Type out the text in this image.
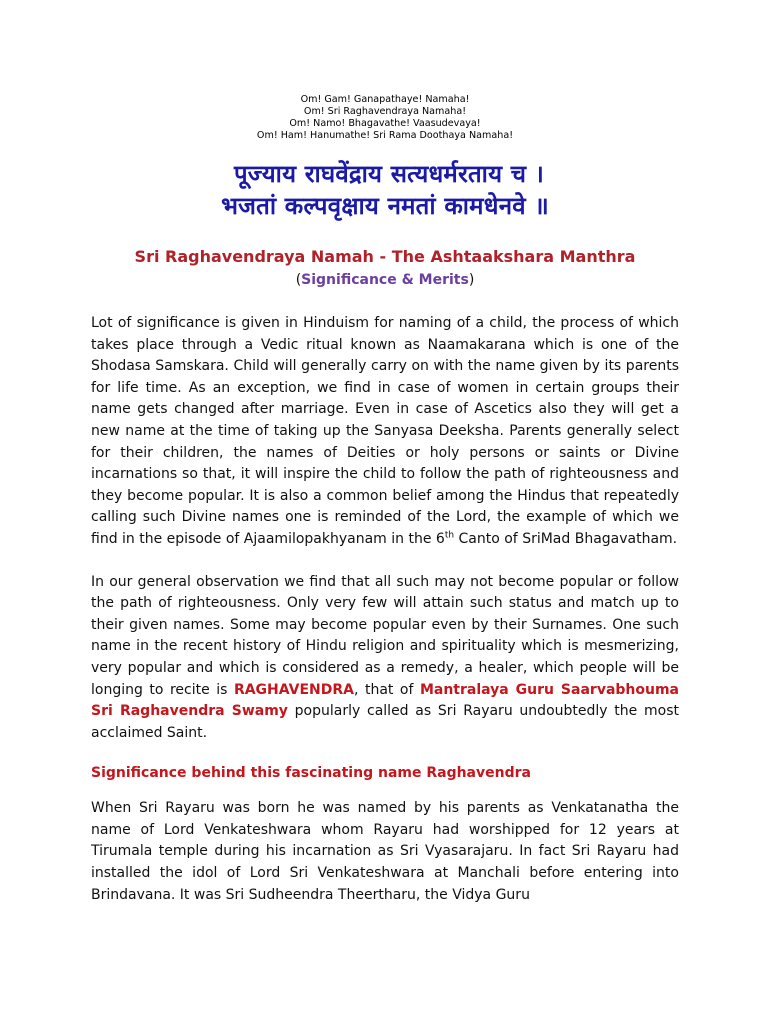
Om! Gam! Ganapathaye! Namaha!
Om! Sri Raghavendraya Namaha!
Om! Namo! Bhagavathe! Vaasudevaya!
Om! Ham! Hanumathe! Sri Rama Doothaya Namaha!
पूज्याय राघवेंद्राय सत्यधर्मरताय च ।
भजतां कल्पवृक्षाय नमतां कामधेनवे ॥
Sri Raghavendraya Namah - The Ashtaakshara Manthra
(Significance & Merits)

Lot of significance is given in Hinduism for naming of a child, the process of which takes place through a Vedic ritual known as Naamakarana which is one of the Shodasa Samskara. Child will generally carry on with the name given by its parents for life time. As an exception, we find in case of women in certain groups their name gets changed after marriage. Even in case of Ascetics also they will get a new name at the time of taking up the Sanyasa Deeksha. Parents generally select for their children, the names of Deities or holy persons or saints or Divine incarnations so that, it will inspire the child to follow the path of righteousness and they become popular. It is also a common belief among the Hindus that repeatedly calling such Divine names one is reminded of the Lord, the example of which we find in the episode of Ajaamilopakhyanam in the 6th Canto of SriMad Bhagavatham.

In our general observation we find that all such may not become popular or follow the path of righteousness. Only very few will attain such status and match up to their given names. Some may become popular even by their Surnames. One such name in the recent history of Hindu religion and spirituality which is mesmerizing, very popular and which is considered as a remedy, a healer, which people will be longing to recite is RAGHAVENDRA, that of Mantralaya Guru Saarvabhouma Sri Raghavendra Swamy popularly called as Sri Rayaru undoubtedly the most acclaimed Saint.

Significance behind this fascinating name Raghavendra

When Sri Rayaru was born he was named by his parents as Venkatanatha the name of Lord Venkateshwara whom Rayaru had worshipped for 12 years at Tirumala temple during his incarnation as Sri Vyasarajaru. In fact Sri Rayaru had installed the idol of Lord Sri Venkateshwara at Manchali before entering into Brindavana. It was Sri Sudheendra Theertharu, the Vidya Guru
